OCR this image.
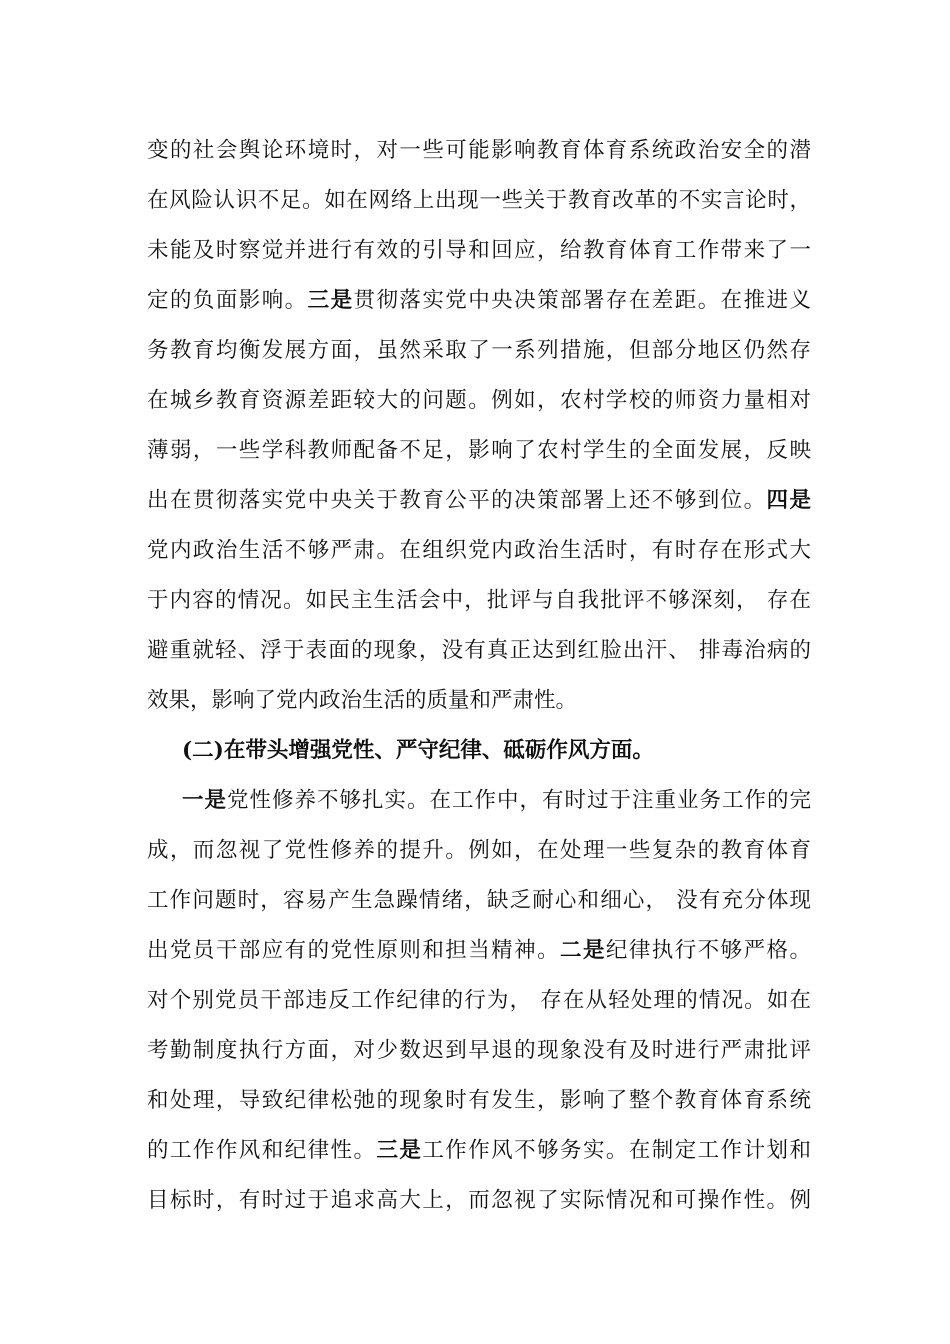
变的社会舆论环境时，对一些可能影响教育体育系统政治安全的潜
在风险认识不足。如在网络上出现一些关于教育改革的不实言论时，
未能及时察觉并进行有效的引导和回应，给教育体育工作带来了一
定的负面影响。三是贯彻落实党中央决策部署存在差距。在推进义
务教育均衡发展方面，虽然采取了一系列措施，但部分地区仍然存
在城乡教育资源差距较大的问题。例如，农村学校的师资力量相对
薄弱，一些学科教师配备不足，影响了农村学生的全面发展，反映
出在贯彻落实党中央关于教育公平的决策部署上还不够到位。四是
党内政治生活不够严肃。在组织党内政治生活时，有时存在形式大
于内容的情况。如民主生活会中，批评与自我批评不够深刻， 存在
避重就轻、浮于表面的现象，没有真正达到红脸出汗、 排毒治病的
效果，影响了党内政治生活的质量和严肃性。
(二)在带头增强党性、严守纪律、砥砺作风方面。
一是党性修养不够扎实。在工作中，有时过于注重业务工作的完
成，而忽视了党性修养的提升。例如，在处理一些复杂的教育体育
工作问题时，容易产生急躁情绪，缺乏耐心和细心， 没有充分体现
出党员干部应有的党性原则和担当精神。二是纪律执行不够严格。
对个别党员干部违反工作纪律的行为， 存在从轻处理的情况。如在
考勤制度执行方面，对少数迟到早退的现象没有及时进行严肃批评
和处理，导致纪律松弛的现象时有发生，影响了整个教育体育系统
的工作作风和纪律性。三是工作作风不够务实。在制定工作计划和
目标时，有时过于追求高大上，而忽视了实际情况和可操作性。例
